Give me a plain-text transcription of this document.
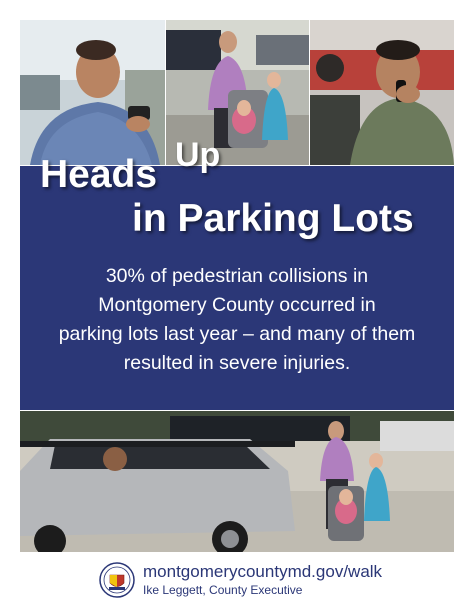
Heads Up
in Parking Lots
30% of pedestrian collisions in
Montgomery County occurred in
parking lots last year – and many of them
resulted in severe injuries.
montgomerycountymd.gov/walk
Ike Leggett, County Executive
